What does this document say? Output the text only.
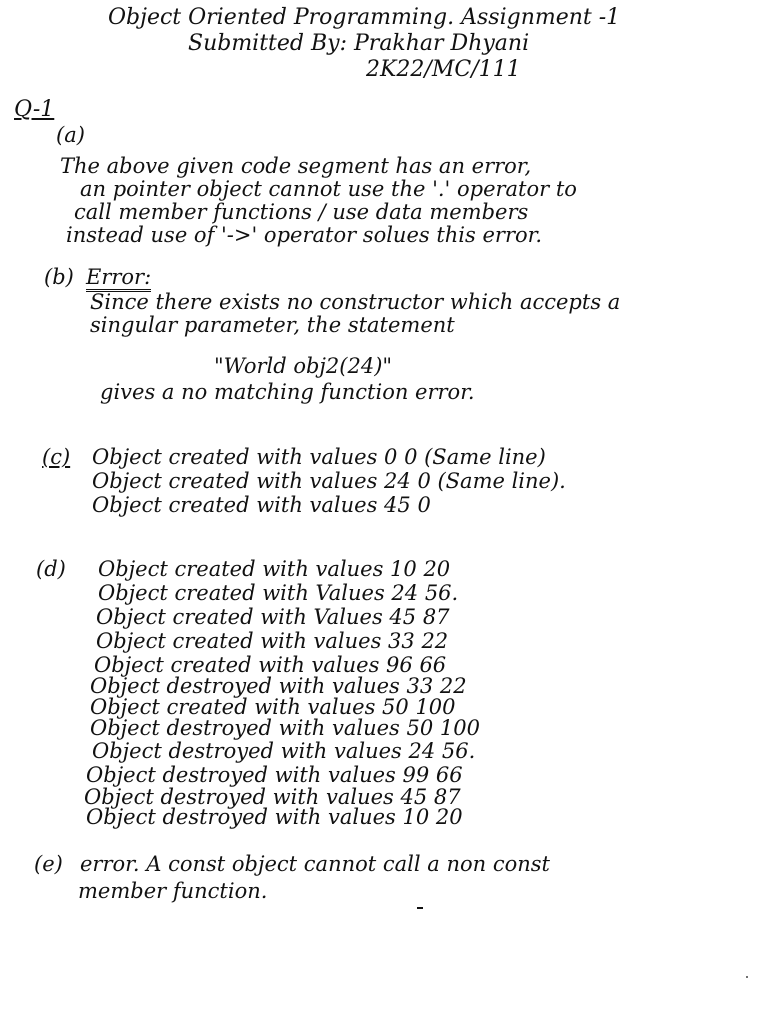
Object Oriented Programming. Assignment -1
Submitted By: Prakhar Dhyani
2K22/MC/111
Q-1
(a)
The above given code segment has an error,
an pointer object cannot use the '.' operator to
call member functions / use data members
instead use of '->' operator solues this error.
(b) Error:
Since there exists no constructor which accepts a
singular parameter, the statement
"World obj2(24)"
gives a no matching function error.
(c) Object created with values 0 0 (Same line)
Object created with values 24 0 (Same line).
Object created with values 45 0
(d) Object created with values 10 20
Object created with Values 24 56.
Object created with Values 45 87
Object created with values 33 22
Object created with values 96 66
Object destroyed with values 33 22
Object created with values 50 100
Object destroyed with values 50 100
Object destroyed with values 24 56.
Object destroyed with values 99 66
Object destroyed with values 45 87
Object destroyed with values 10 20
(e) error. A const object cannot call a non const
member function.
